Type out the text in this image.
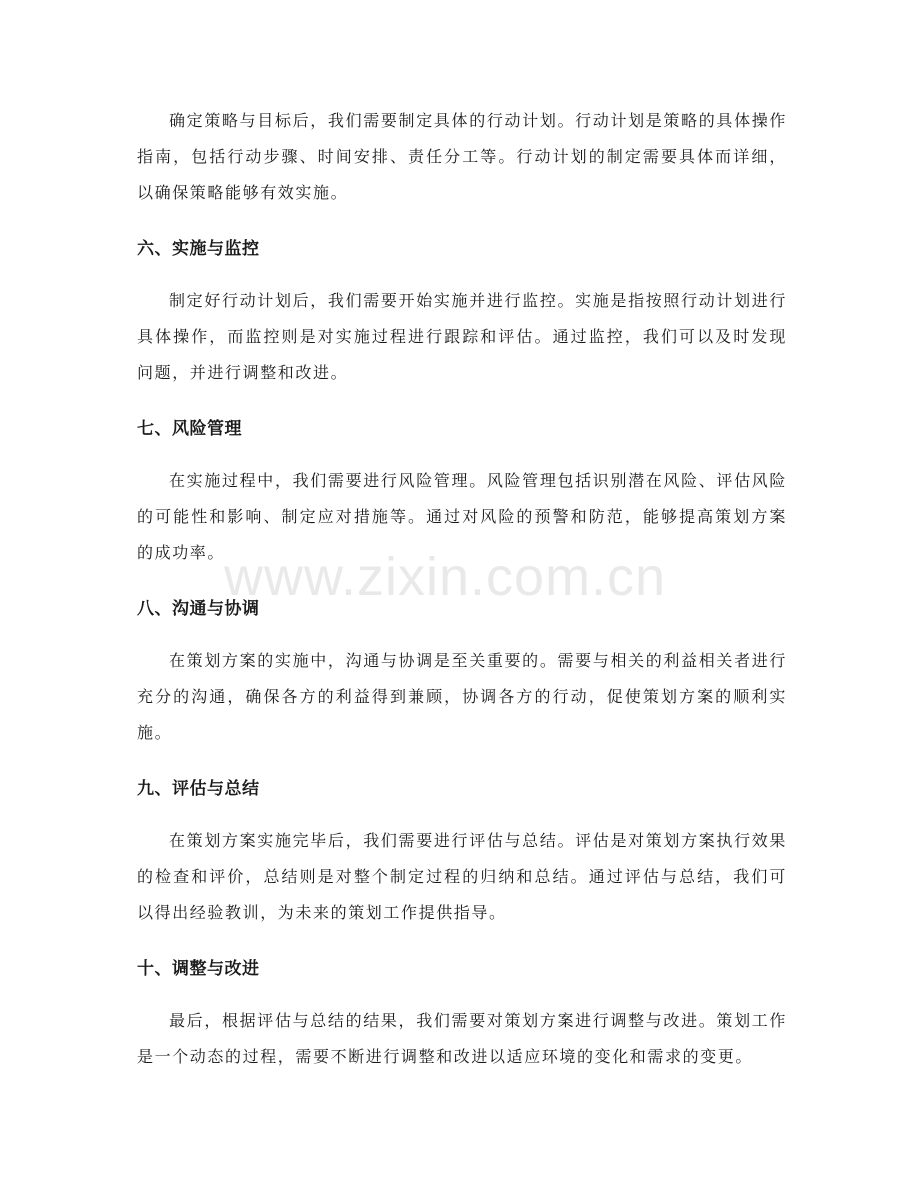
确定策略与目标后，我们需要制定具体的行动计划。行动计划是策略的具体操作指南，包括行动步骤、时间安排、责任分工等。行动计划的制定需要具体而详细，以确保策略能够有效实施。

六、实施与监控

制定好行动计划后，我们需要开始实施并进行监控。实施是指按照行动计划进行具体操作，而监控则是对实施过程进行跟踪和评估。通过监控，我们可以及时发现问题，并进行调整和改进。

七、风险管理

在实施过程中，我们需要进行风险管理。风险管理包括识别潜在风险、评估风险的可能性和影响、制定应对措施等。通过对风险的预警和防范，能够提高策划方案的成功率。

八、沟通与协调

在策划方案的实施中，沟通与协调是至关重要的。需要与相关的利益相关者进行充分的沟通，确保各方的利益得到兼顾，协调各方的行动，促使策划方案的顺利实施。

九、评估与总结

在策划方案实施完毕后，我们需要进行评估与总结。评估是对策划方案执行效果的检查和评价，总结则是对整个制定过程的归纳和总结。通过评估与总结，我们可以得出经验教训，为未来的策划工作提供指导。

十、调整与改进

最后，根据评估与总结的结果，我们需要对策划方案进行调整与改进。策划工作是一个动态的过程，需要不断进行调整和改进以适应环境的变化和需求的变更。

www.zixin.com.cn
